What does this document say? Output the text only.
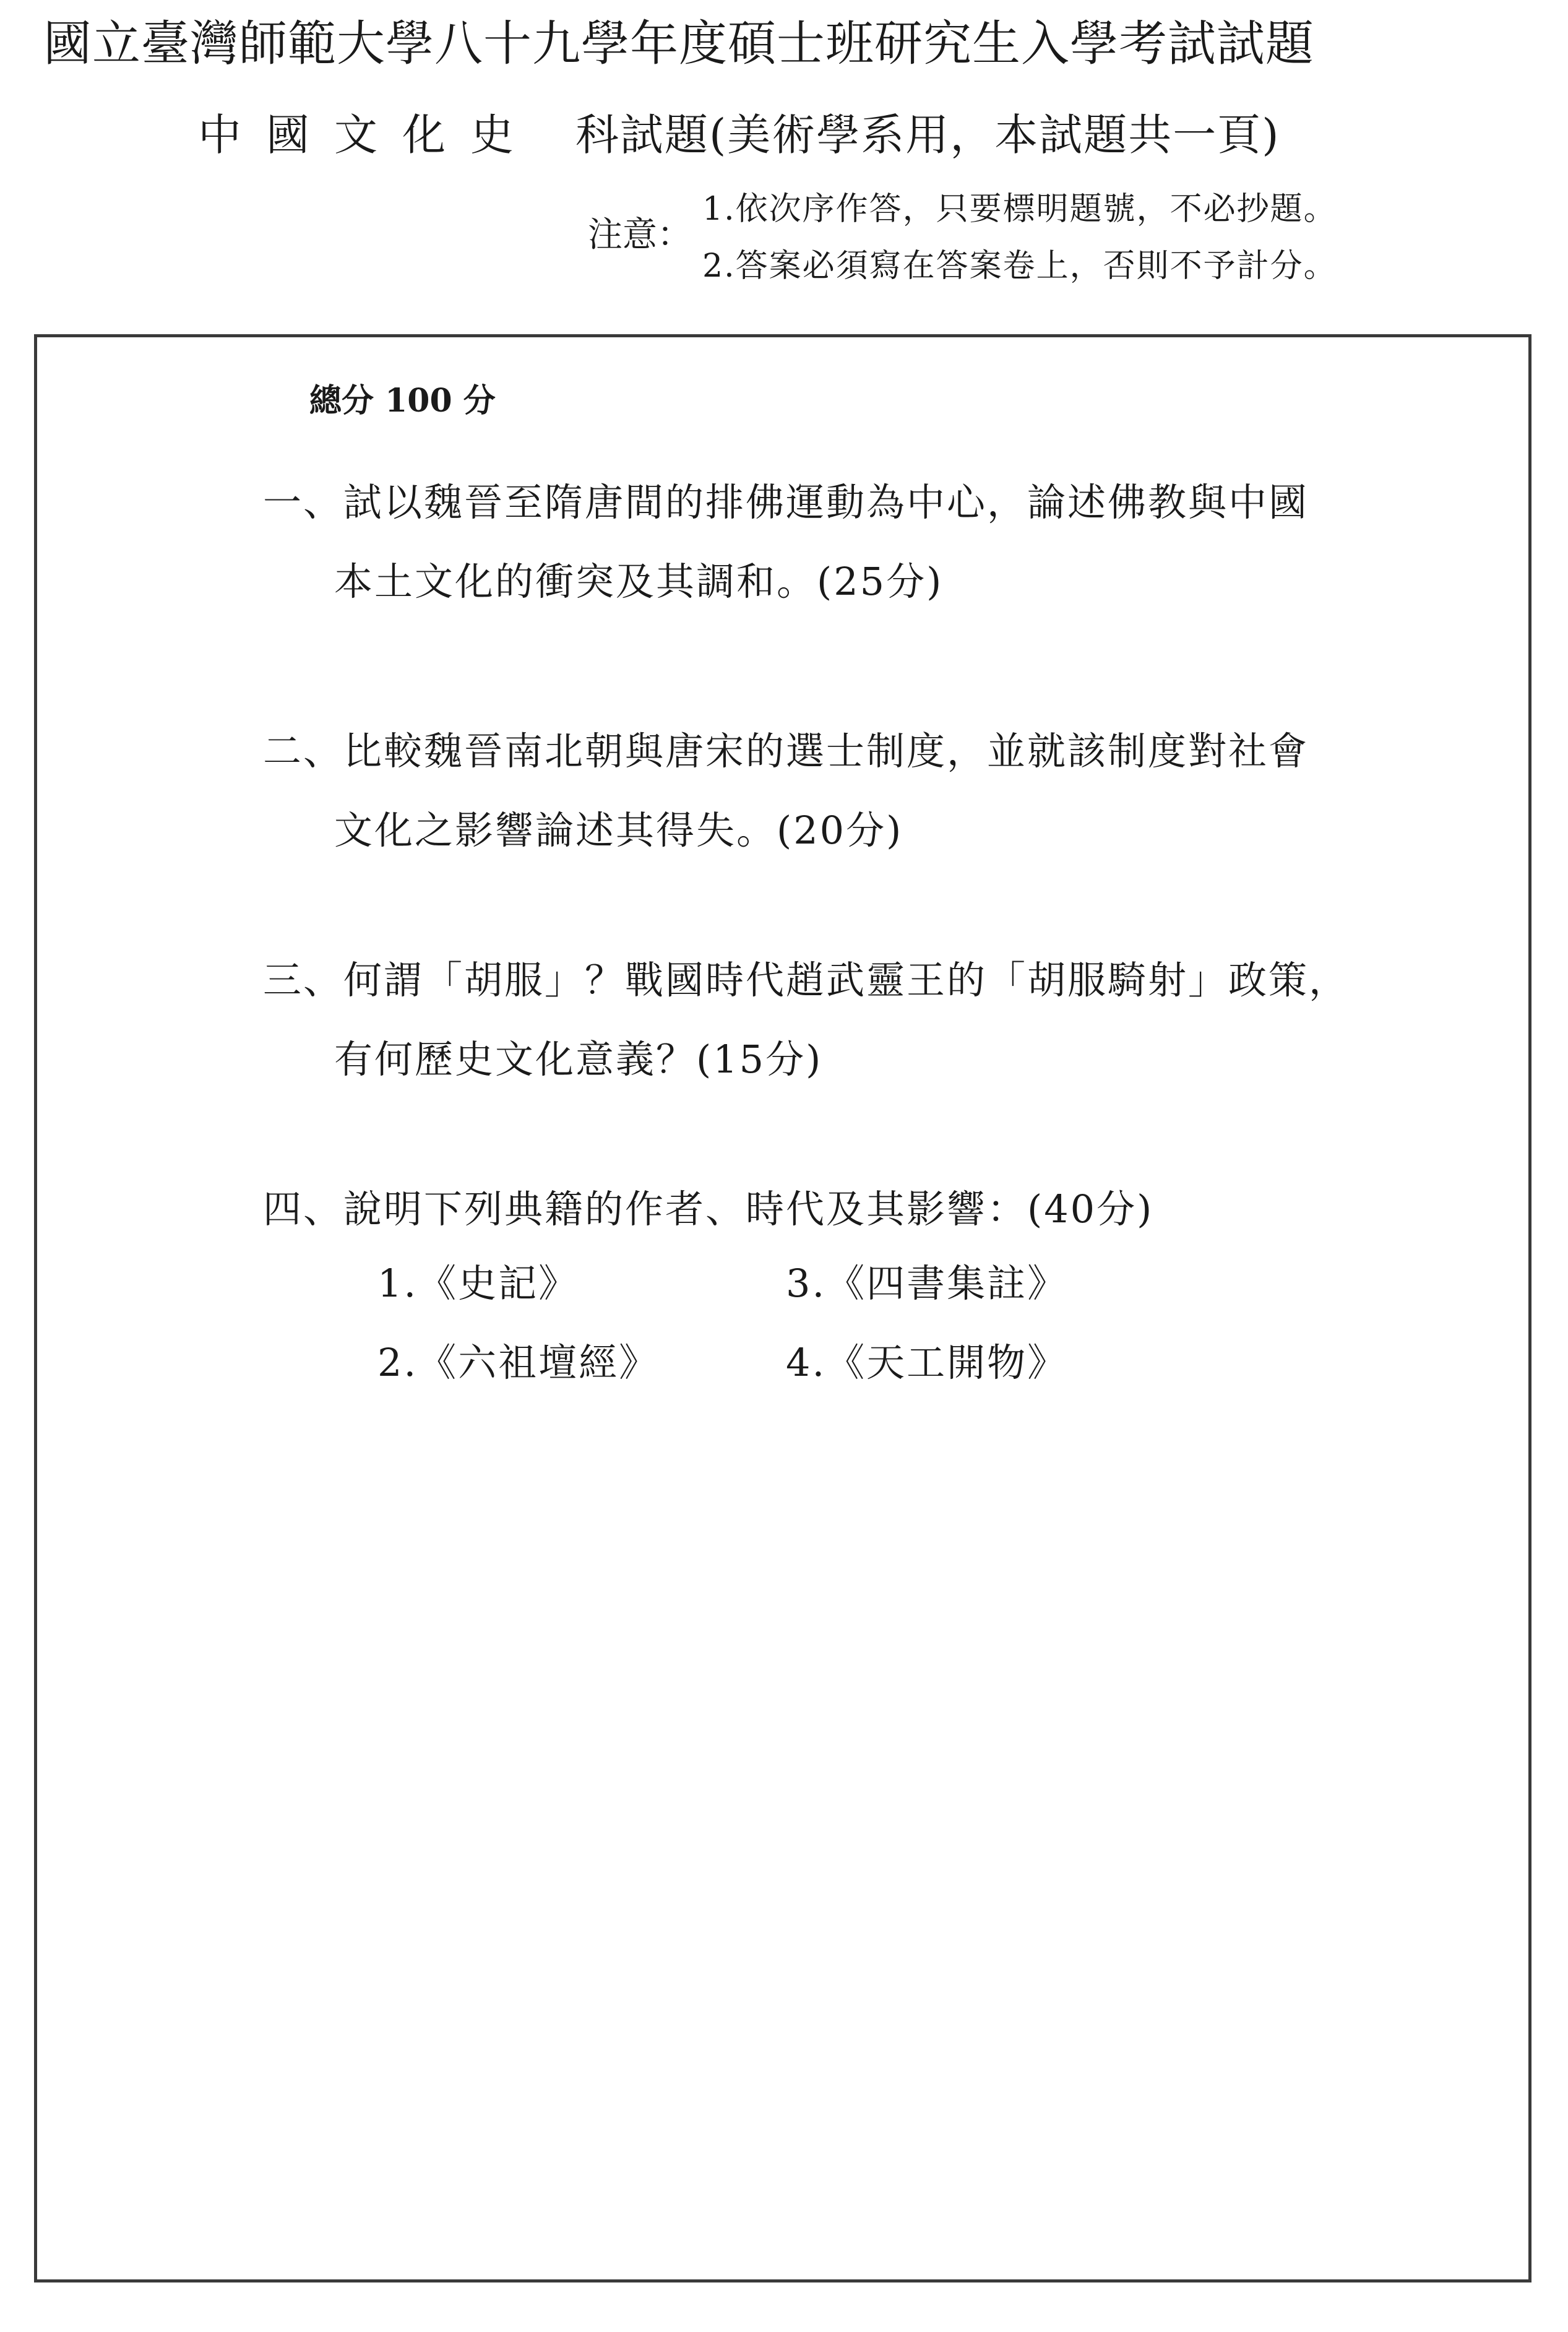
國立臺灣師範大學八十九學年度碩士班研究生入學考試試題
中國文化史 科試題(美術學系用，本試題共一頁)
注意：
1.依次序作答，只要標明題號，不必抄題。
2.答案必須寫在答案卷上，否則不予計分。
總分 100 分
一、試以魏晉至隋唐間的排佛運動為中心，論述佛教與中國
本土文化的衝突及其調和。(25分)
二、比較魏晉南北朝與唐宋的選士制度，並就該制度對社會
文化之影響論述其得失。(20分)
三、何謂「胡服」？戰國時代趙武靈王的「胡服騎射」政策，
有何歷史文化意義？(15分)
四、說明下列典籍的作者、時代及其影響：(40分)
1.《史記》	3.《四書集註》
2.《六祖壇經》	4.《天工開物》
